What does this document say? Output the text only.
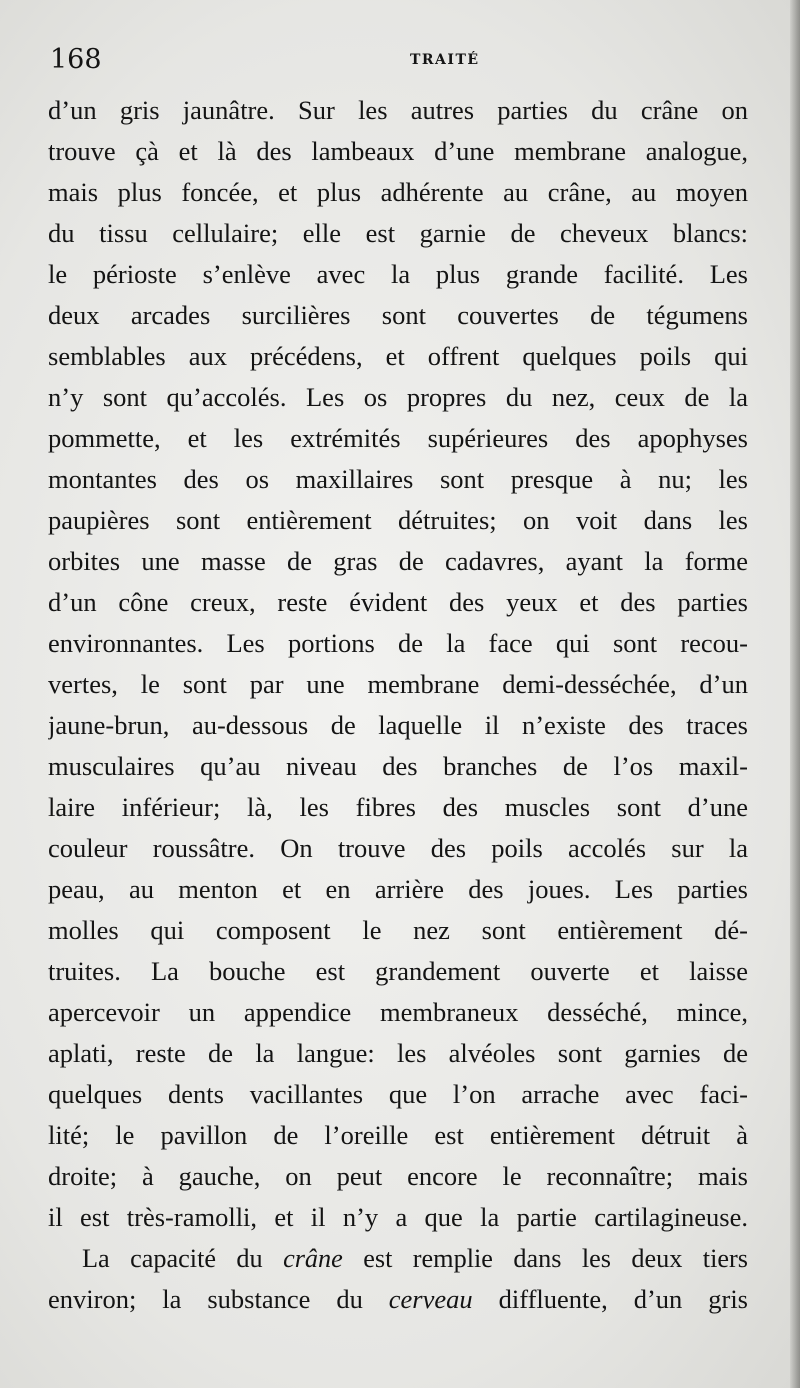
168	TRAITÉ
d’un gris jaunâtre. Sur les autres parties du crâne on
trouve çà et là des lambeaux d’une membrane analogue,
mais plus foncée, et plus adhérente au crâne, au moyen
du tissu cellulaire; elle est garnie de cheveux blancs:
le périoste s’enlève avec la plus grande facilité. Les
deux arcades surcilières sont couvertes de tégumens
semblables aux précédens, et offrent quelques poils qui
n’y sont qu’accolés. Les os propres du nez, ceux de la
pommette, et les extrémités supérieures des apophyses
montantes des os maxillaires sont presque à nu; les
paupières sont entièrement détruites; on voit dans les
orbites une masse de gras de cadavres, ayant la forme
d’un cône creux, reste évident des yeux et des parties
environnantes. Les portions de la face qui sont recou-
vertes, le sont par une membrane demi-desséchée, d’un
jaune-brun, au-dessous de laquelle il n’existe des traces
musculaires qu’au niveau des branches de l’os maxil-
laire inférieur; là, les fibres des muscles sont d’une
couleur roussâtre. On trouve des poils accolés sur la
peau, au menton et en arrière des joues. Les parties
molles qui composent le nez sont entièrement dé-
truites. La bouche est grandement ouverte et laisse
apercevoir un appendice membraneux desséché, mince,
aplati, reste de la langue: les alvéoles sont garnies de
quelques dents vacillantes que l’on arrache avec faci-
lité; le pavillon de l’oreille est entièrement détruit à
droite; à gauche, on peut encore le reconnaître; mais
il est très-ramolli, et il n’y a que la partie cartilagineuse.
La capacité du crâne est remplie dans les deux tiers
environ; la substance du cerveau diffluente, d’un gris
